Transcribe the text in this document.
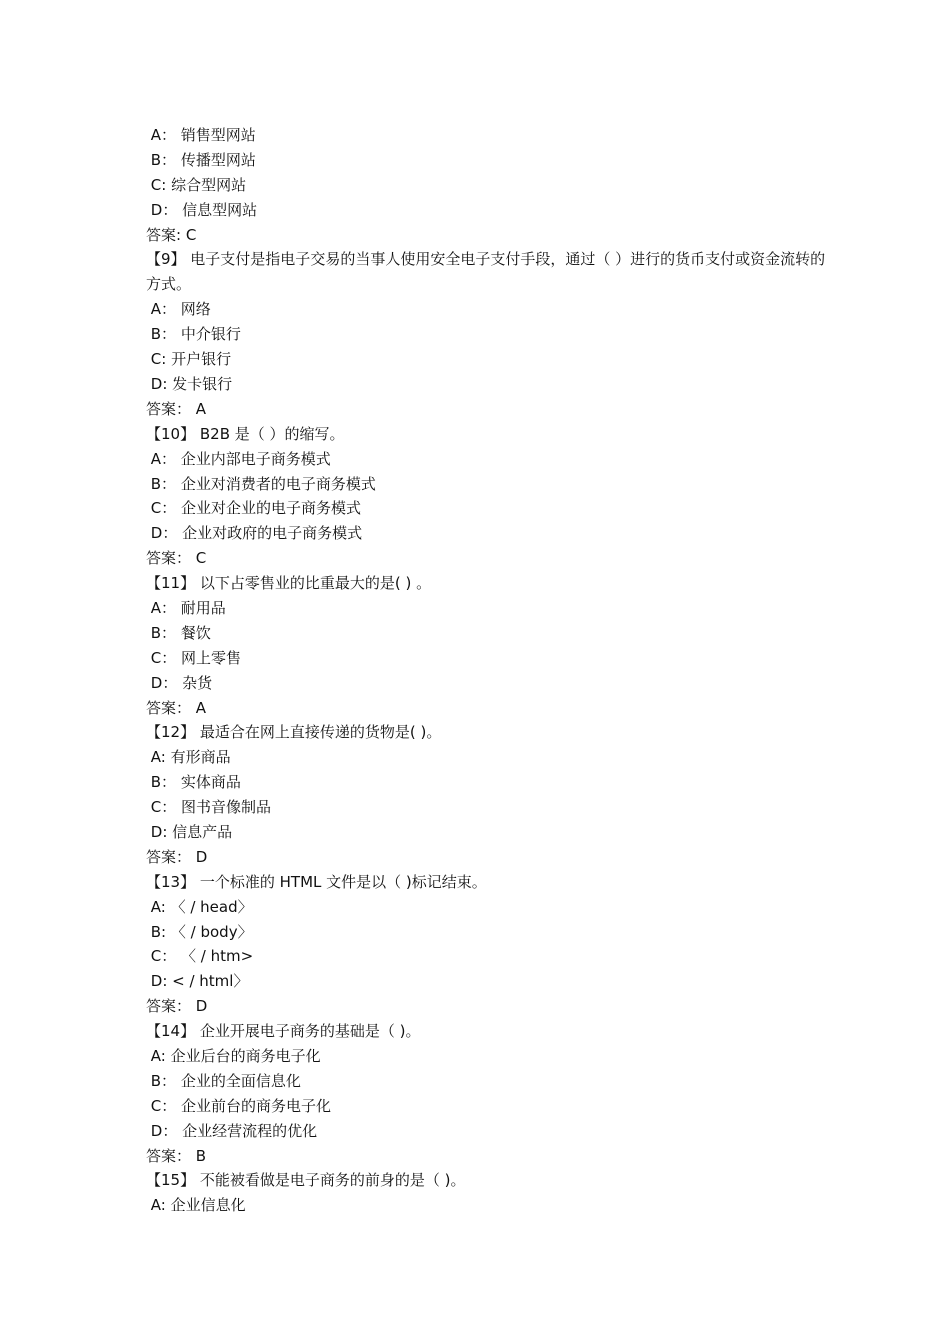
A： 销售型网站
B： 传播型网站
C: 综合型网站
D： 信息型网站
答案: C
【9】 电子支付是指电子交易的当事人使用安全电子支付手段，通过（ ）进行的货币支付或资金流转的方式。
A： 网络
B： 中介银行
C: 开户银行
D: 发卡银行
答案： A
【10】 B2B 是（ ）的缩写。
A： 企业内部电子商务模式
B： 企业对消费者的电子商务模式
C： 企业对企业的电子商务模式
D： 企业对政府的电子商务模式
答案： C
【11】 以下占零售业的比重最大的是( ) 。
A： 耐用品
B： 餐饮
C： 网上零售
D： 杂货
答案： A
【12】 最适合在网上直接传递的货物是( )。
A: 有形商品
B： 实体商品
C： 图书音像制品
D: 信息产品
答案： D
【13】 一个标准的 HTML 文件是以（ )标记结束。
A: 〈 / head〉
B: 〈 / body〉
C： 〈 / htm>
D: < / html〉
答案： D
【14】 企业开展电子商务的基础是（ )。
A: 企业后台的商务电子化
B： 企业的全面信息化
C： 企业前台的商务电子化
D： 企业经营流程的优化
答案： B
【15】 不能被看做是电子商务的前身的是（ )。
A: 企业信息化
